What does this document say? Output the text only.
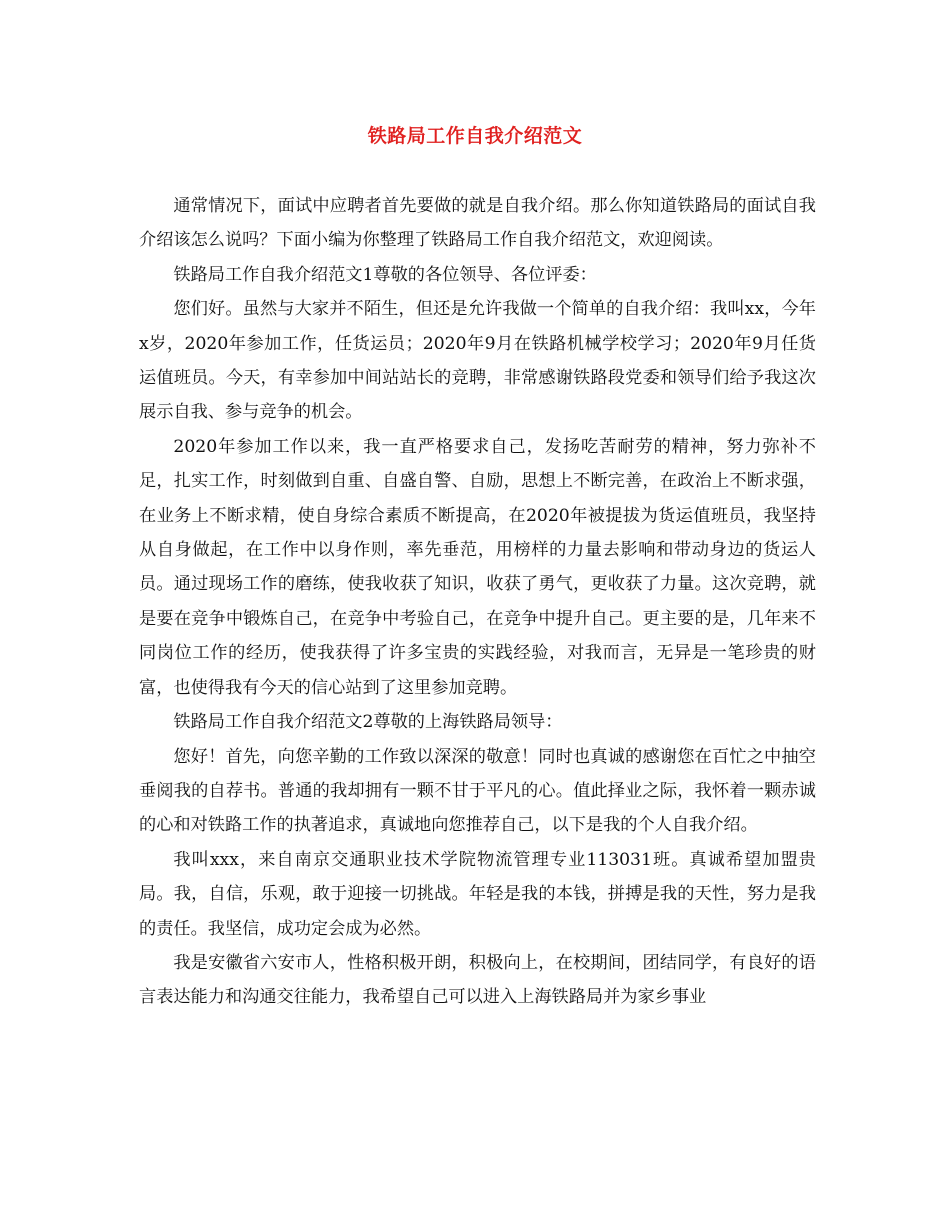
铁路局工作自我介绍范文

通常情况下，面试中应聘者首先要做的就是自我介绍。那么你知道铁路局的面试自我介绍该怎么说吗？下面小编为你整理了铁路局工作自我介绍范文，欢迎阅读。

铁路局工作自我介绍范文1尊敬的各位领导、各位评委：

您们好。虽然与大家并不陌生，但还是允许我做一个简单的自我介绍：我叫xx，今年x岁，2020年参加工作，任货运员；2020年9月在铁路机械学校学习；2020年9月任货运值班员。今天，有幸参加中间站站长的竞聘，非常感谢铁路段党委和领导们给予我这次展示自我、参与竞争的机会。

2020年参加工作以来，我一直严格要求自己，发扬吃苦耐劳的精神，努力弥补不足，扎实工作，时刻做到自重、自盛自警、自励，思想上不断完善，在政治上不断求强，在业务上不断求精，使自身综合素质不断提高，在2020年被提拔为货运值班员，我坚持从自身做起，在工作中以身作则，率先垂范，用榜样的力量去影响和带动身边的货运人员。通过现场工作的磨练，使我收获了知识，收获了勇气，更收获了力量。这次竞聘，就是要在竞争中锻炼自己，在竞争中考验自己，在竞争中提升自己。更主要的是，几年来不同岗位工作的经历，使我获得了许多宝贵的实践经验，对我而言，无异是一笔珍贵的财富，也使得我有今天的信心站到了这里参加竞聘。

铁路局工作自我介绍范文2尊敬的上海铁路局领导：

您好！首先，向您辛勤的工作致以深深的敬意！同时也真诚的感谢您在百忙之中抽空垂阅我的自荐书。普通的我却拥有一颗不甘于平凡的心。值此择业之际，我怀着一颗赤诚的心和对铁路工作的执著追求，真诚地向您推荐自己，以下是我的个人自我介绍。

我叫xxx，来自南京交通职业技术学院物流管理专业113031班。真诚希望加盟贵局。我，自信，乐观，敢于迎接一切挑战。年轻是我的本钱，拼搏是我的天性，努力是我的责任。我坚信，成功定会成为必然。

我是安徽省六安市人，性格积极开朗，积极向上，在校期间，团结同学，有良好的语言表达能力和沟通交往能力，我希望自己可以进入上海铁路局并为家乡事业
